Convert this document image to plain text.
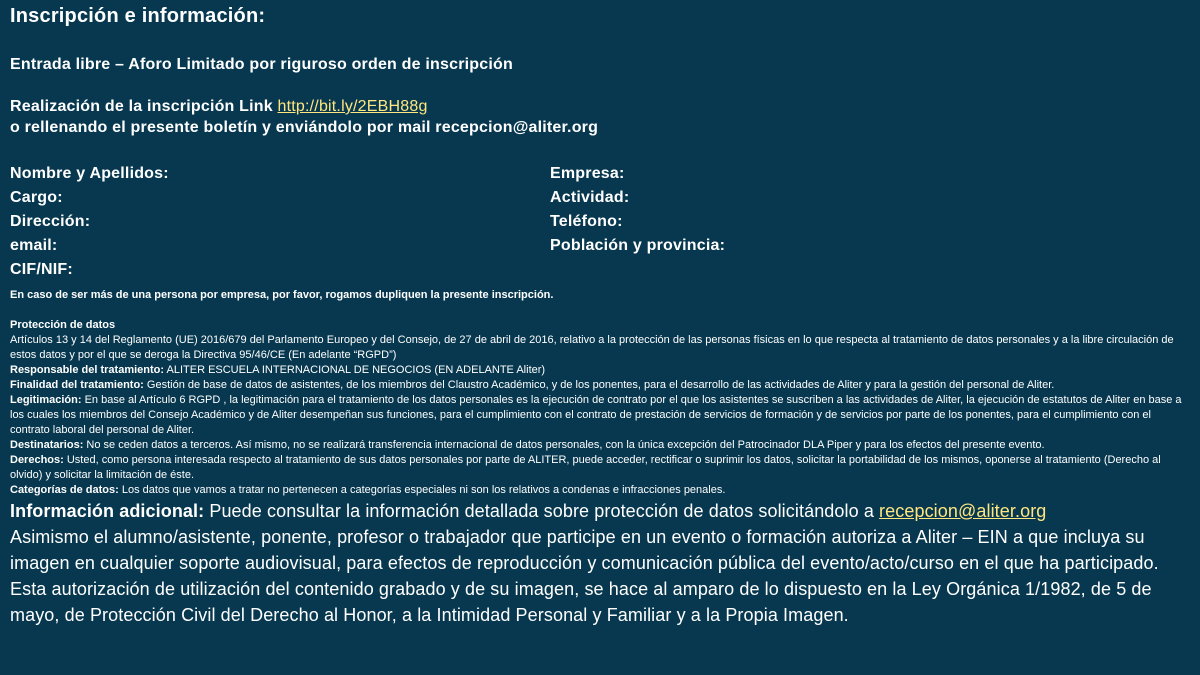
Inscripción e información:

Entrada libre – Aforo Limitado por riguroso orden de inscripción

Realización de la inscripción Link http://bit.ly/2EBH88g

o rellenando el presente boletín y enviándolo por mail recepcion@aliter.org

Nombre y Apellidos:	Empresa:
Cargo:	Actividad:
Dirección:	Teléfono:
email:	Población y provincia:
CIF/NIF:

En caso de ser más de una persona por empresa, por favor, rogamos dupliquen la presente inscripción.

Protección de datos

Artículos 13 y 14 del Reglamento (UE) 2016/679 del Parlamento Europeo y del Consejo, de 27 de abril de 2016, relativo a la protección de las personas físicas en lo que respecta al tratamiento de datos personales y a la libre circulación de estos datos y por el que se deroga la Directiva 95/46/CE (En adelante “RGPD”)

Responsable del tratamiento: ALITER ESCUELA INTERNACIONAL DE NEGOCIOS (EN ADELANTE Aliter)

Finalidad del tratamiento: Gestión de base de datos de asistentes, de los miembros del Claustro Académico, y de los ponentes, para el desarrollo de las actividades de Aliter y para la gestión del personal de Aliter.

Legitimación: En base al Artículo 6 RGPD , la legitimación para el tratamiento de los datos personales es la ejecución de contrato por el que los asistentes se suscriben a las actividades de Aliter, la ejecución de estatutos de Aliter en base a los cuales los miembros del Consejo Académico y de Aliter desempeñan sus funciones, para el cumplimiento con el contrato de prestación de servicios de formación y de servicios por parte de los ponentes, para el cumplimiento con el contrato laboral del personal de Aliter.

Destinatarios: No se ceden datos a terceros. Así mismo, no se realizará transferencia internacional de datos personales, con la única excepción del Patrocinador DLA Piper y para los efectos del presente evento.

Derechos: Usted, como persona interesada respecto al tratamiento de sus datos personales por parte de ALITER, puede acceder, rectificar o suprimir los datos, solicitar la portabilidad de los mismos, oponerse al tratamiento (Derecho al olvido) y solicitar la limitación de éste.

Categorías de datos: Los datos que vamos a tratar no pertenecen a categorías especiales ni son los relativos a condenas e infracciones penales.

Información adicional: Puede consultar la información detallada sobre protección de datos solicitándolo a recepcion@aliter.org

Asimismo el alumno/asistente, ponente, profesor o trabajador que participe en un evento o formación autoriza a Aliter – EIN a que incluya su imagen en cualquier soporte audiovisual, para efectos de reproducción y comunicación pública del evento/acto/curso en el que ha participado. Esta autorización de utilización del contenido grabado y de su imagen, se hace al amparo de lo dispuesto en la Ley Orgánica 1/1982, de 5 de mayo, de Protección Civil del Derecho al Honor, a la Intimidad Personal y Familiar y a la Propia Imagen.
